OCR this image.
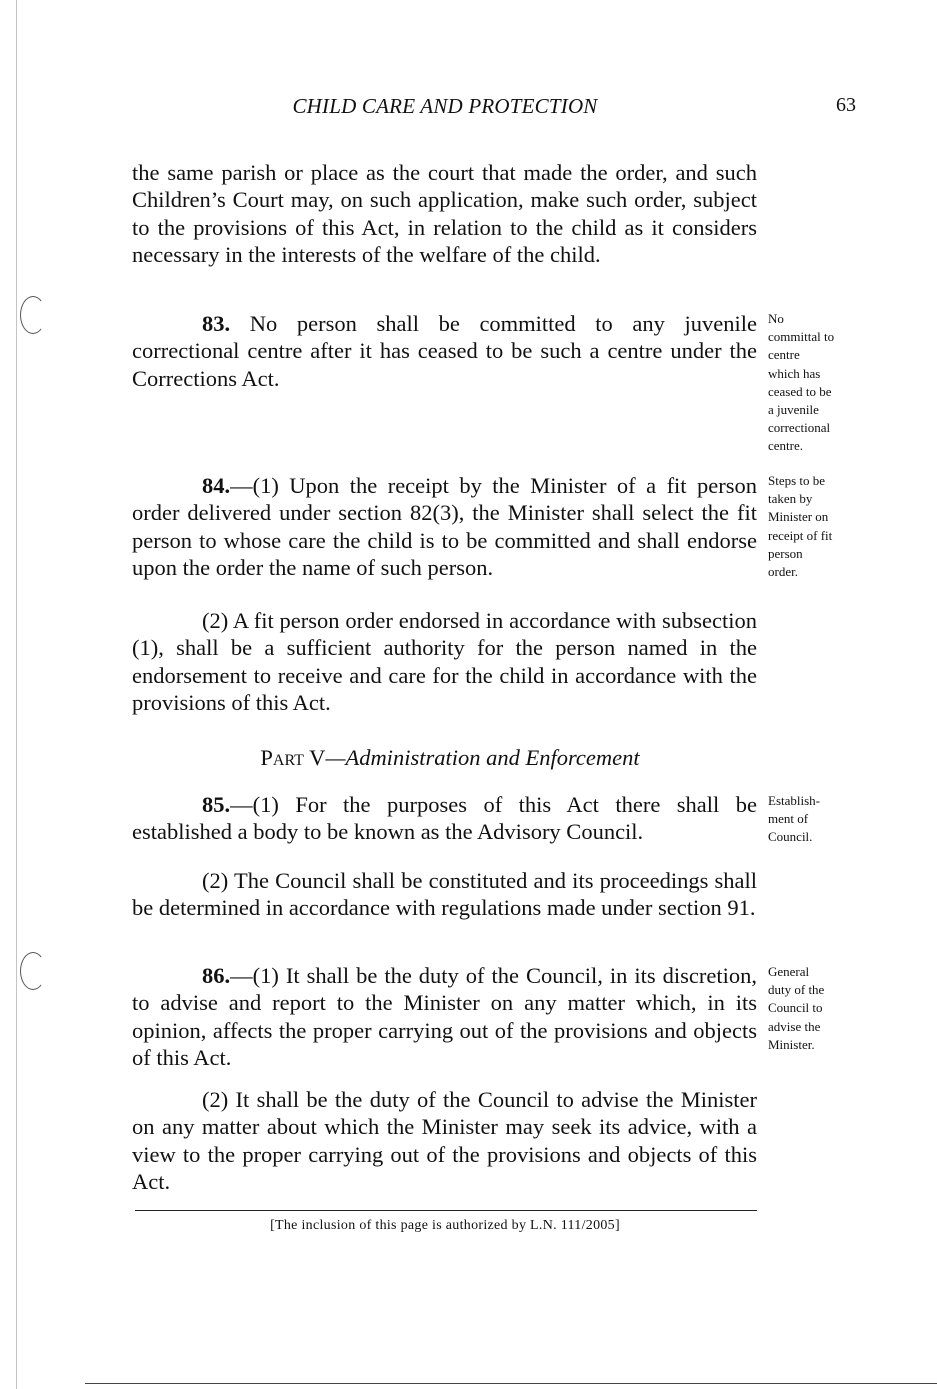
CHILD CARE AND PROTECTION	63

the same parish or place as the court that made the order, and such Children’s Court may, on such application, make such order, subject to the provisions of this Act, in relation to the child as it considers necessary in the interests of the welfare of the child.

83. No person shall be committed to any juvenile correctional centre after it has ceased to be such a centre under the Corrections Act.

No
committal to
centre
which has
ceased to be
a juvenile
correctional
centre.

84.—(1) Upon the receipt by the Minister of a fit person order delivered under section 82(3), the Minister shall select the fit person to whose care the child is to be committed and shall endorse upon the order the name of such person.

Steps to be
taken by
Minister on
receipt of fit
person
order.

(2) A fit person order endorsed in accordance with subsection (1), shall be a sufficient authority for the person named in the endorsement to receive and care for the child in accordance with the provisions of this Act.

Part V—Administration and Enforcement

85.—(1) For the purposes of this Act there shall be established a body to be known as the Advisory Council.

Establish-
ment of
Council.

(2) The Council shall be constituted and its proceedings shall be determined in accordance with regulations made under section 91.

86.—(1) It shall be the duty of the Council, in its discretion, to advise and report to the Minister on any matter which, in its opinion, affects the proper carrying out of the provisions and objects of this Act.

General
duty of the
Council to
advise the
Minister.

(2) It shall be the duty of the Council to advise the Minister on any matter about which the Minister may seek its advice, with a view to the proper carrying out of the provisions and objects of this Act.

[The inclusion of this page is authorized by L.N. 111/2005]
